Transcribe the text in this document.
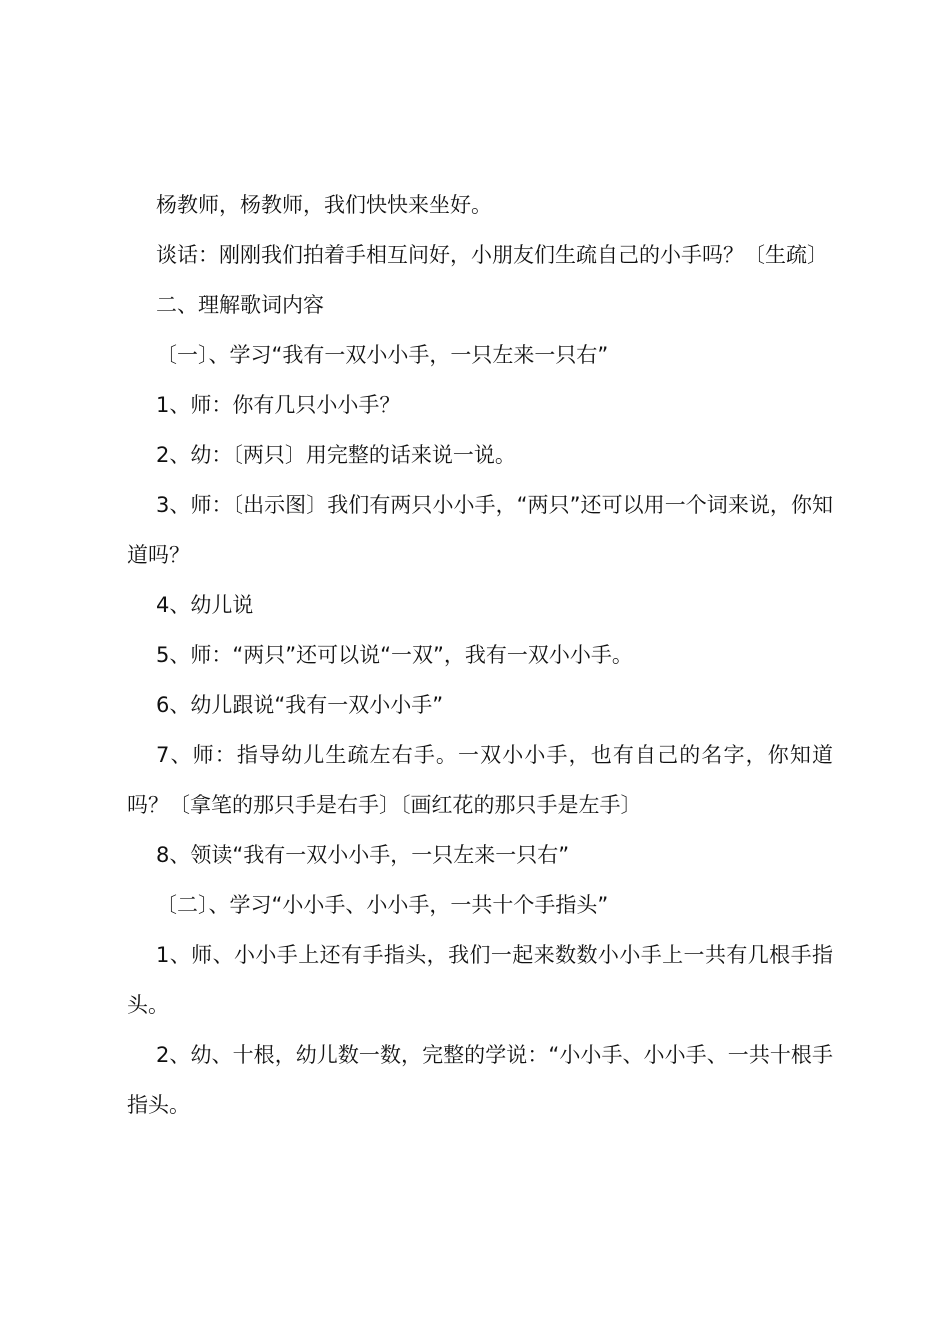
杨教师，杨教师，我们快快来坐好。

谈话：刚刚我们拍着手相互问好，小朋友们生疏自己的小手吗？〔生疏〕

二、理解歌词内容

〔一〕、学习“我有一双小小手，一只左来一只右”

1、师：你有几只小小手？

2、幼：〔两只〕用完整的话来说一说。

3、师：〔出示图〕我们有两只小小手，“两只”还可以用一个词来说，你知道吗？

4、幼儿说

5、师：“两只”还可以说“一双”，我有一双小小手。

6、幼儿跟说“我有一双小小手”

7、师：指导幼儿生疏左右手。一双小小手，也有自己的名字，你知道吗？〔拿笔的那只手是右手〕〔画红花的那只手是左手〕

8、领读“我有一双小小手，一只左来一只右”

〔二〕、学习“小小手、小小手，一共十个手指头”

1、师、小小手上还有手指头，我们一起来数数小小手上一共有几根手指头。

2、幼、十根，幼儿数一数，完整的学说：“小小手、小小手、一共十根手指头。
